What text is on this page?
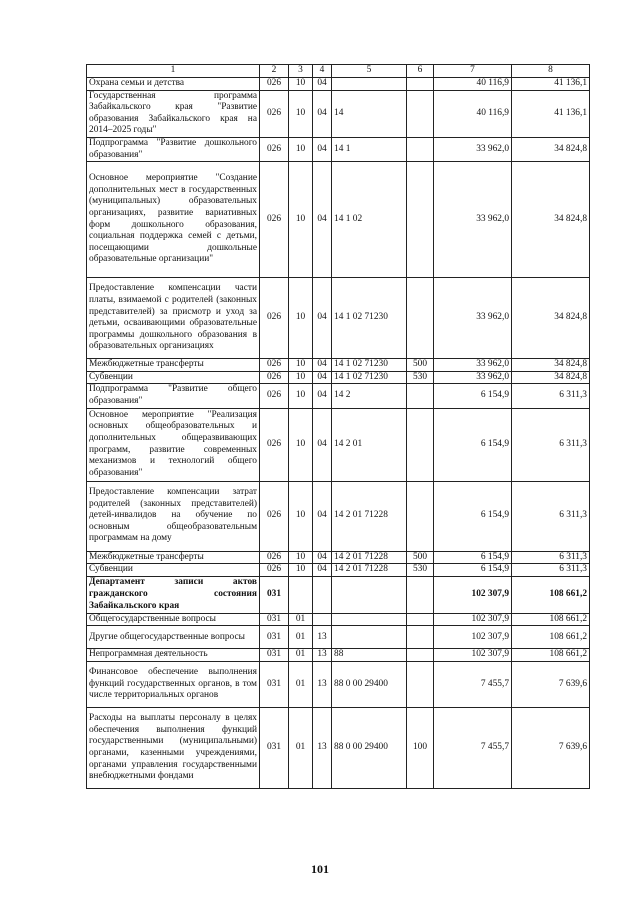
1	2	3	4	5	6	7	8
Охрана семьи и детства	026	10	04			40 116,9	41 136,1
Государственная программа Забайкальского края "Развитие образования Забайкальского края на 2014–2025 годы"	026	10	04	14		40 116,9	41 136,1
Подпрограмма "Развитие дошкольного образования"	026	10	04	14 1		33 962,0	34 824,8
Основное мероприятие "Создание дополнительных мест в государственных (муниципальных) образовательных организациях, развитие вариативных форм дошкольного образования, социальная поддержка семей с детьми, посещающими дошкольные образовательные организации"	026	10	04	14 1 02		33 962,0	34 824,8
Предоставление компенсации части платы, взимаемой с родителей (законных представителей) за присмотр и уход за детьми, осваивающими образовательные программы дошкольного образования в образовательных организациях	026	10	04	14 1 02 71230		33 962,0	34 824,8
Межбюджетные трансферты	026	10	04	14 1 02 71230	500	33 962,0	34 824,8
Субвенции	026	10	04	14 1 02 71230	530	33 962,0	34 824,8
Подпрограмма "Развитие общего образования"	026	10	04	14 2		6 154,9	6 311,3
Основное мероприятие "Реализация основных общеобразовательных и дополнительных общеразвивающих программ, развитие современных механизмов и технологий общего образования"	026	10	04	14 2 01		6 154,9	6 311,3
Предоставление компенсации затрат родителей (законных представителей) детей-инвалидов на обучение по основным общеобразовательным программам на дому	026	10	04	14 2 01 71228		6 154,9	6 311,3
Межбюджетные трансферты	026	10	04	14 2 01 71228	500	6 154,9	6 311,3
Субвенции	026	10	04	14 2 01 71228	530	6 154,9	6 311,3
Департамент записи актов гражданского состояния Забайкальского края	031					102 307,9	108 661,2
Общегосударственные вопросы	031	01				102 307,9	108 661,2
Другие общегосударственные вопросы	031	01	13			102 307,9	108 661,2
Непрограммная деятельность	031	01	13	88		102 307,9	108 661,2
Финансовое обеспечение выполнения функций государственных органов, в том числе территориальных органов	031	01	13	88 0 00 29400		7 455,7	7 639,6
Расходы на выплаты персоналу в целях обеспечения выполнения функций государственными (муниципальными) органами, казенными учреждениями, органами управления государственными внебюджетными фондами	031	01	13	88 0 00 29400	100	7 455,7	7 639,6
101
